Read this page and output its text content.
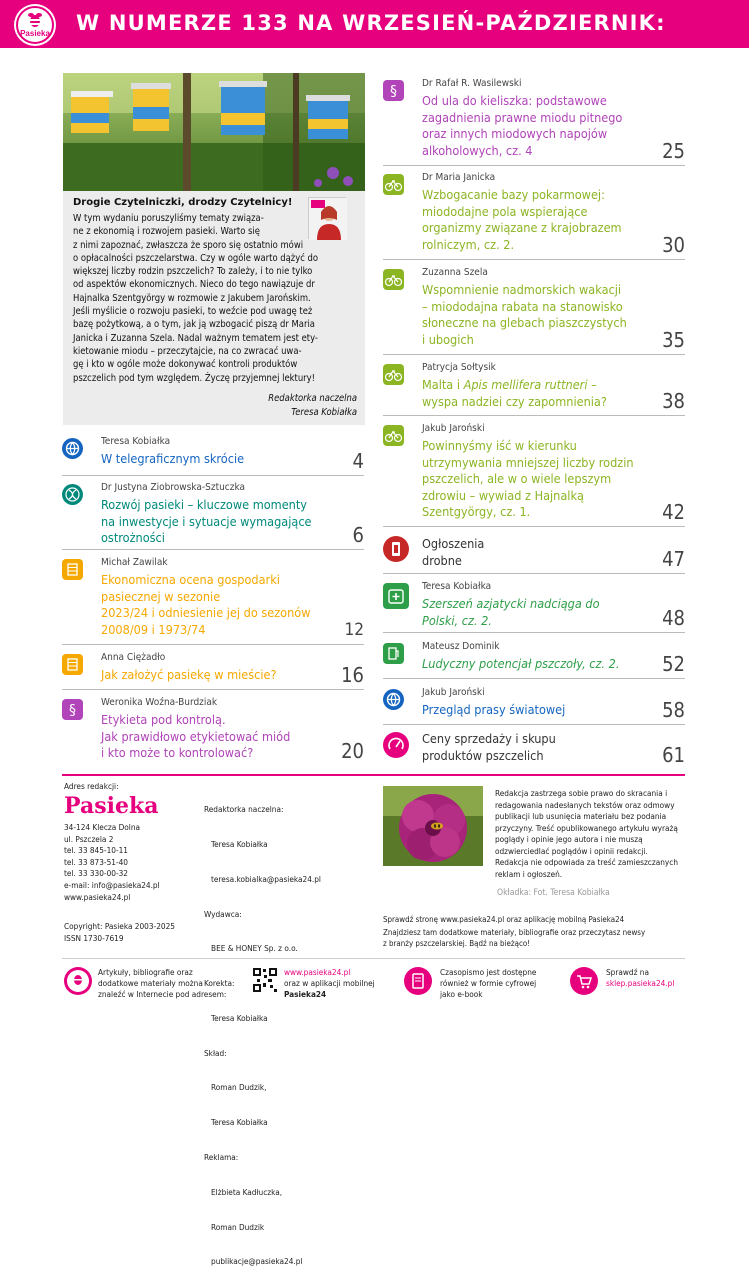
Pasieka W NUMERZE 133 NA WRZESIEŃ-PAŹDZIERNIK:
Drogie Czytelniczki, drodzy Czytelnicy!
W tym wydaniu poruszyliśmy tematy związa-
ne z ekonomią i rozwojem pasieki. Warto się
z nimi zapoznać, zwłaszcza że sporo się ostatnio mówi
o opłacalności pszczelarstwa. Czy w ogóle warto dążyć do
większej liczby rodzin pszczelich? To zależy, i to nie tylko
od aspektów ekonomicznych. Nieco do tego nawiązuje dr
Hajnalka Szentgyörgy w rozmowie z Jakubem Jarońskim.
Jeśli myślicie o rozwoju pasieki, to weźcie pod uwagę też
bazę pożytkową, a o tym, jak ją wzbogacić piszą dr Maria
Janicka i Zuzanna Szela. Nadal ważnym tematem jest ety-
kietowanie miodu – przeczytajcie, na co zwracać uwa-
gę i kto w ogóle może dokonywać kontroli produktów
pszczelich pod tym względem. Życzę przyjemnej lektury!
Redaktorka naczelna
Teresa Kobiałka
Teresa Kobiałka
W telegraficznym skrócie	4
Dr Justyna Ziobrowska-Sztuczka
Rozwój pasieki – kluczowe momenty
na inwestycje i sytuacje wymagające
ostrożności	6
Michał Zawilak
Ekonomiczna ocena gospodarki
pasiecznej w sezonie
2023/24 i odniesienie jej do sezonów
2008/09 i 1973/74	12
Anna Ciężadło
Jak założyć pasiekę w mieście?	16
§	Weronika Woźna-Burdziak
Etykieta pod kontrolą.
Jak prawidłowo etykietować miód
i kto może to kontrolować?	20
§	Dr Rafał R. Wasilewski
Od ula do kieliszka: podstawowe
zagadnienia prawne miodu pitnego
oraz innych miodowych napojów
alkoholowych, cz. 4	25
Dr Maria Janicka
Wzbogacanie bazy pokarmowej:
miododajne pola wspierające
organizmy związane z krajobrazem
rolniczym, cz. 2.	30
Zuzanna Szela
Wspomnienie nadmorskich wakacji
– miododajna rabata na stanowisko
słoneczne na glebach piaszczystych
i ubogich	35
Patrycja Sołtysik
Malta i Apis mellifera ruttneri –
wyspa nadziei czy zapomnienia?	38
Jakub Jaroński
Powinnyśmy iść w kierunku
utrzymywania mniejszej liczby rodzin
pszczelich, ale w o wiele lepszym
zdrowiu – wywiad z Hajnalką
Szentgyörgy, cz. 1.	42
Ogłoszenia
drobne	47
Teresa Kobiałka
Szerszeń azjatycki nadciąga do
Polski, cz. 2.	48
Mateusz Dominik
Ludyczny potencjał pszczoły, cz. 2. 52
Jakub Jaroński
Przegląd prasy światowej	58
Ceny sprzedaży i skupu
produktów pszczelich	61
Adres redakcji:
Pasieka
34-124 Klecza Dolna
ul. Pszczela 2
tel. 33 845-10-11
tel. 33 873-51-40
tel. 33 330-00-32
e-mail: info@pasieka24.pl
www.pasieka24.pl
Copyright: Pasieka 2003-2025
ISSN 1730-7619

Redaktorka naczelna:

Teresa Kobiałka

teresa.kobialka@pasieka24.pl

Wydawca:

BEE & HONEY Sp. z o.o.

Korekta:

Teresa Kobiałka

Skład:

Roman Dudzik,

Teresa Kobiałka

Reklama:

Elżbieta Kadłuczka,

Roman Dudzik

publikacje@pasieka24.pl

Redakcja zastrzega sobie prawo do skracania i redagowania nadesłanych tekstów oraz odmowy publikacji lub usunięcia materiału bez podania przyczyny. Treść opublikowanego artykułu wyrażą poglądy i opinie jego autora i nie muszą odzwierciedlać poglądów i opinii redakcji. Redakcja nie odpowiada za treść zamieszczanych reklam i ogłoszeń.
Okładka: Fot. Teresa Kobiałka
Sprawdź stronę www.pasieka24.pl oraz aplikację mobilną Pasieka24
Znajdziesz tam dodatkowe materiały, bibliografie oraz przeczytasz newsy
z branży pszczelarskiej. Bądź na bieżąco!
Artykuły, bibliografie oraz
dodatkowe materiały można
znaleźć w Internecie pod adresem:
www.pasieka24.pl
oraz w aplikacji mobilnej
Pasieka24
Czasopismo jest dostępne
również w formie cyfrowej
jako e-book
Sprawdź na
sklep.pasieka24.pl
